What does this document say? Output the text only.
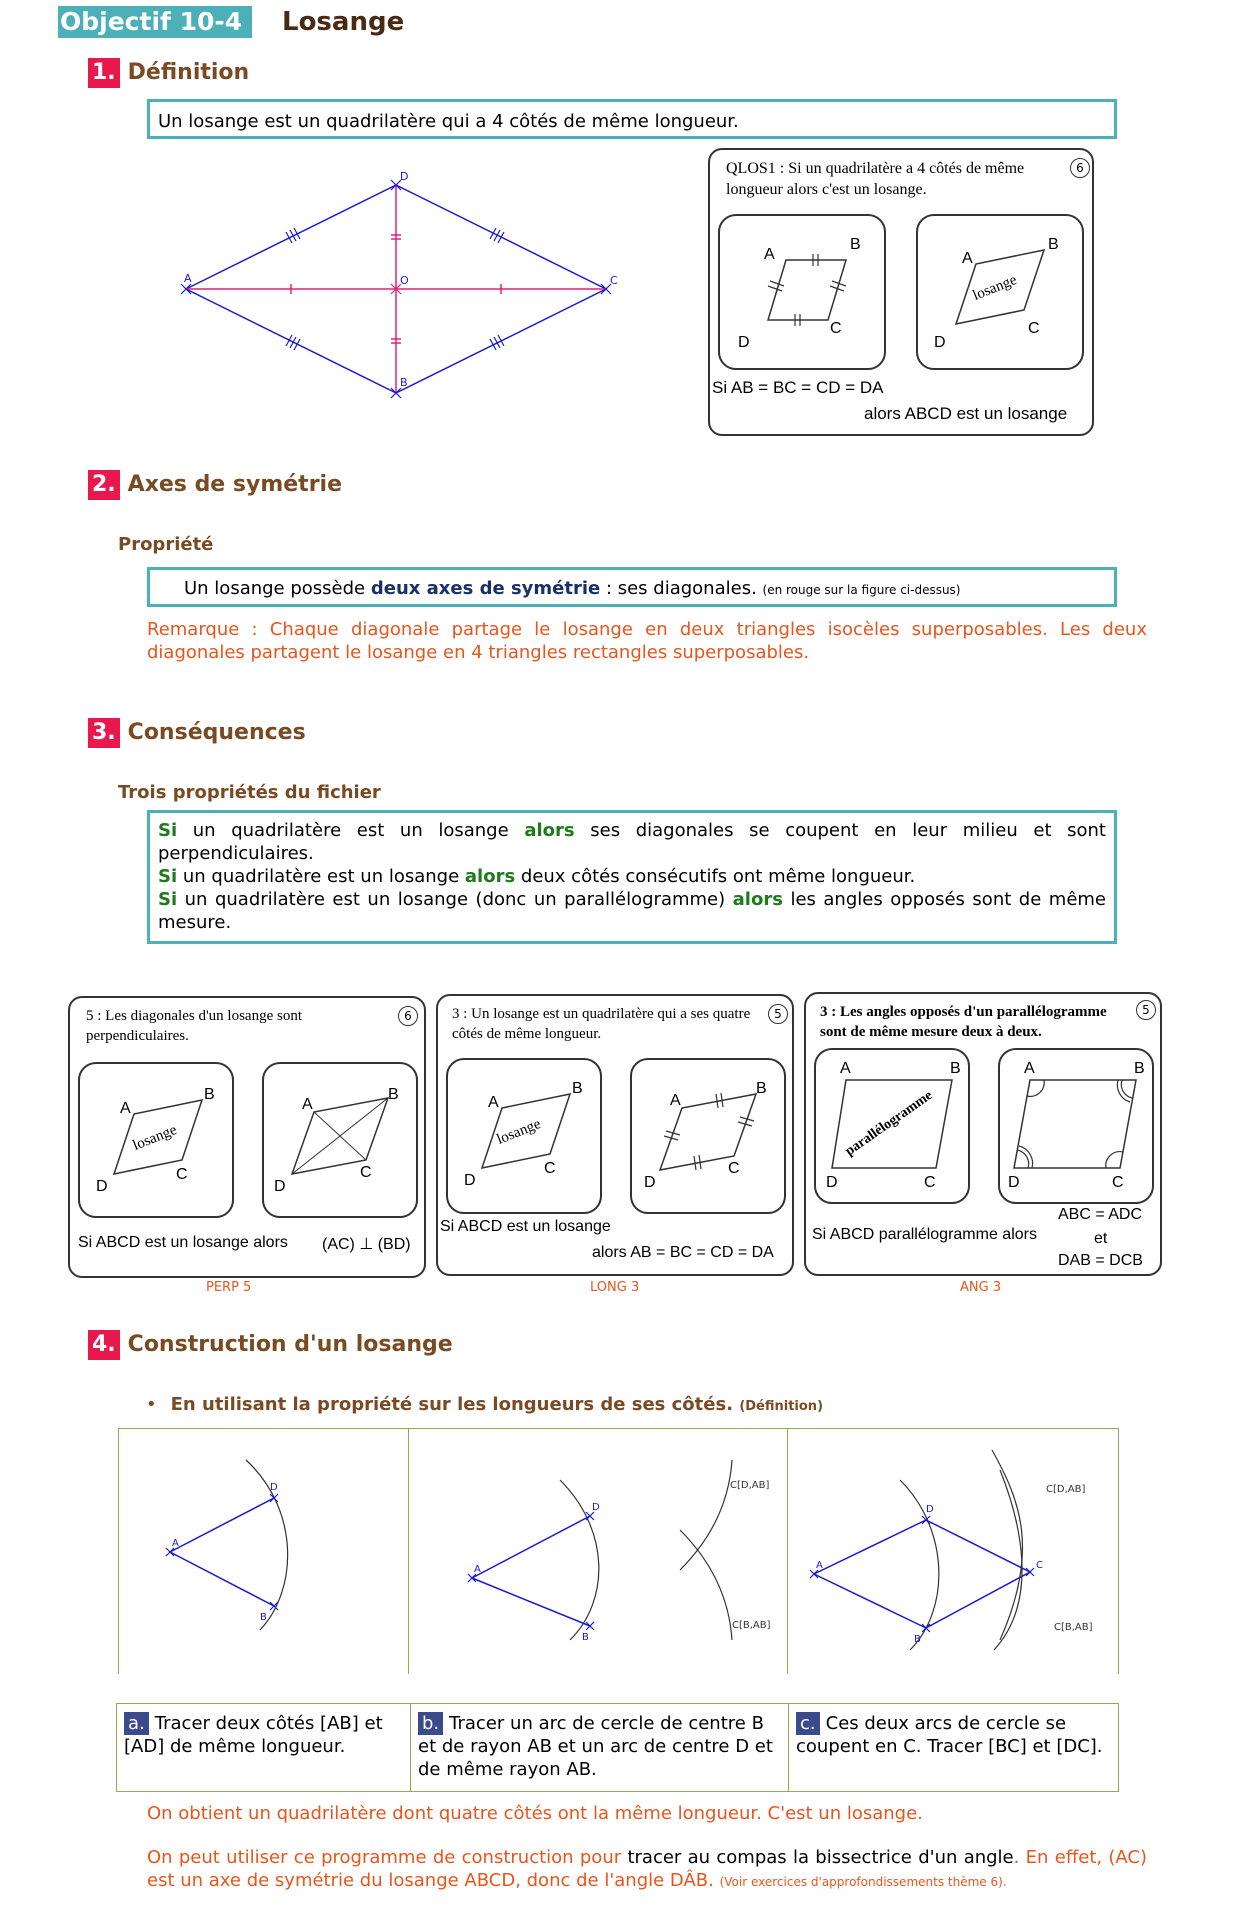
Objectif 10-4	Losange
1. Définition
Un losange est un quadrilatère qui a 4 côtés de même longueur.
A
D
C
B
O
QLOS1 : Si un quadrilatère a 4 côtés de même longueur alors c'est un losange.
6
A
B
C
D
A
B
C
D
losange
Si AB = BC = CD = DA
alors ABCD est un losange
2. Axes de symétrie
Propriété
Un losange possède deux axes de symétrie : ses diagonales. (en rouge sur la figure ci-dessus)
Remarque : Chaque diagonale partage le losange en deux triangles isocèles superposables. Les deux diagonales partagent le losange en 4 triangles rectangles superposables.
3. Conséquences
Trois propriétés du fichier
Si un quadrilatère est un losange alors ses diagonales se coupent en leur milieu et sont perpendiculaires.
Si un quadrilatère est un losange alors deux côtés consécutifs ont même longueur.
Si un quadrilatère est un losange (donc un parallélogramme) alors les angles opposés sont de même mesure.
5 : Les diagonales d'un losange sont perpendiculaires.
6
A
B
C
D
losange
A
B
C
D
Si ABCD est un losange alors (AC) ⊥ (BD)
PERP 5
3 : Un losange est un quadrilatère qui a ses quatre côtés de même longueur.
5
A
B
C
D
losange
A
B
C
D
Si ABCD est un losange
alors AB = BC = CD = DA
LONG 3
3 : Les angles opposés d'un parallélogramme sont de même mesure deux à deux.
5
A	B
C
D
parallélogramme
A	B
C
D
Si ABCD parallélogramme alors
ABC = ADC
et
DAB = DCB
ANG 3
4. Construction d'un losange
• En utilisant la propriété sur les longueurs de ses côtés. (Définition)
A
D
B
A
D
B
A
D
B
C
C[D,AB]
C[B,AB]
C[D,AB]
C[B,AB]
a. Tracer deux côtés [AB] et [AD] de même longueur.
b. Tracer un arc de cercle de centre B et de rayon AB et un arc de centre D et de même rayon AB.
c. Ces deux arcs de cercle se coupent en C. Tracer [BC] et [DC].
On obtient un quadrilatère dont quatre côtés ont la même longueur. C'est un losange.
On peut utiliser ce programme de construction pour tracer au compas la bissectrice d'un angle. En effet, (AC) est un axe de symétrie du losange ABCD, donc de l'angle DÂB. (Voir exercices d'approfondissements thème 6).
